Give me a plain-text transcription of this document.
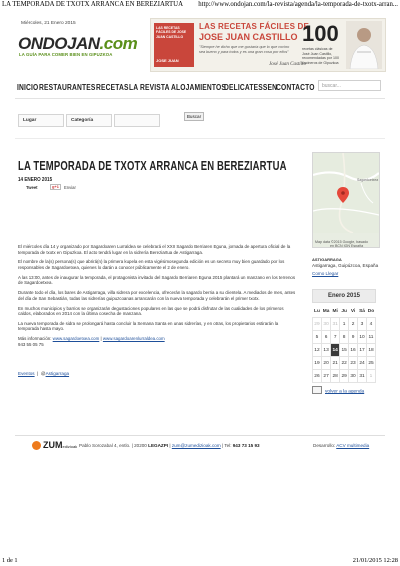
LA TEMPORADA DE TXOTX ARRANCA EN BEREZIARTUA http://www.ondojan.com/la-revista/agenda/la-temporada-de-txotx-arran...
Miércoles, 21 Enero 2015
ONDOJAN.com
LA GUÍA PARA COMER BIEN EN GIPUZKOA
LAS RECETAS FÁCILES DE JOSE JUAN CASTILLO
JOSE JUAN
LAS RECETAS FÁCILES DE
JOSE JUAN CASTILLO
"Siempre he dicho que me gustaría que lo que cocino sea bueno y para todos y es una gran cosa por ellos"
José Juan Castillo
100
recetas clásicas de José Juan Castillo, recomendadas por 100 cocineros de Gipuzkoa
INICIO RESTAURANTES RECETAS LA REVISTA ALOJAMIENTOS
DELICATESSEN
CONTACTO	buscar...
Lugar	Categoría
Buscar
LA TEMPORADA DE TXOTX ARRANCA EN BEREZIARTUA
14 ENERO 2015
Tweet	g+1	Enviar

El miércoles día 14 y organizado por Sagardoaren Lurraldea se celebrará el XXII Sagardo Berriaren Eguna, jornada de apertura oficial de la temporada de txotx en Gipuzkoa. El acto tendrá lugar en la sidrería Bereziartua de Astigarraga.

El nombre de la(s) persona(s) que abrirá(n) la primera kupela en esta vigésimosegunda edición es un secreto muy bien guardado por los responsables de Sagardoetxea, quienes lo darán a conocer públicamente el 2 de enero.

A las 13:00, antes de inaugurar la temporada, el protagonista invitado del Sagardo Berriaren Eguna 2015 plantará un manzano en los terrenos de Sagardoetxea.

Durante todo el día, los bares de Astigarraga, villa sidrera por excelencia, ofrecerán la sagardo berria a su clientela. A mediados de mes, antes del día de San Sebastián, todas las sidrerías guipuzcoanas arrancarán con la nueva temporada y celebrarán el primer txotx.

En muchos municipios y barrios se organizarán degustaciones populares en las que se podrá disfrutar de las cualidades de los primeros caldos, elaborados en 2014 con la última cosecha de manzana.

La nueva temporada de sidra se prolongará hasta concluir la Semana Santa en unas sidrerías, y en otras, los propietarios estirarán la temporada hasta mayo.

Más información: www.sagardoetxea.com | www.sagardoarenlurraldea.com

943 55 05 75

Eventos  |  @Astigarraga
Sagardoetxea
Map data ©2015 Google, basado
en BCN IGN España
ASTIGARRAGA
Astigarraga, Guipúzcoa, España
Como Llegar
Enero 2015
Lu	Ma	Mi	Ju	Vi	Sá	Do
29	30	31	1	2	3	4
5	6	7	8	9	10	11
12	13	14	15	16	17	18
19	20	21	22	23	24	25
26	27	28	29	30	31	1
volver a la agenda
ZUMedizioak Pablo Sorozabal 4, entlo. | 20200 LEGAZPI | zum@zumedizioak.com | Tel: 943 73 15 93	Desarrollo: ACV multimedia
1 de 1	21/01/2015 12:28
